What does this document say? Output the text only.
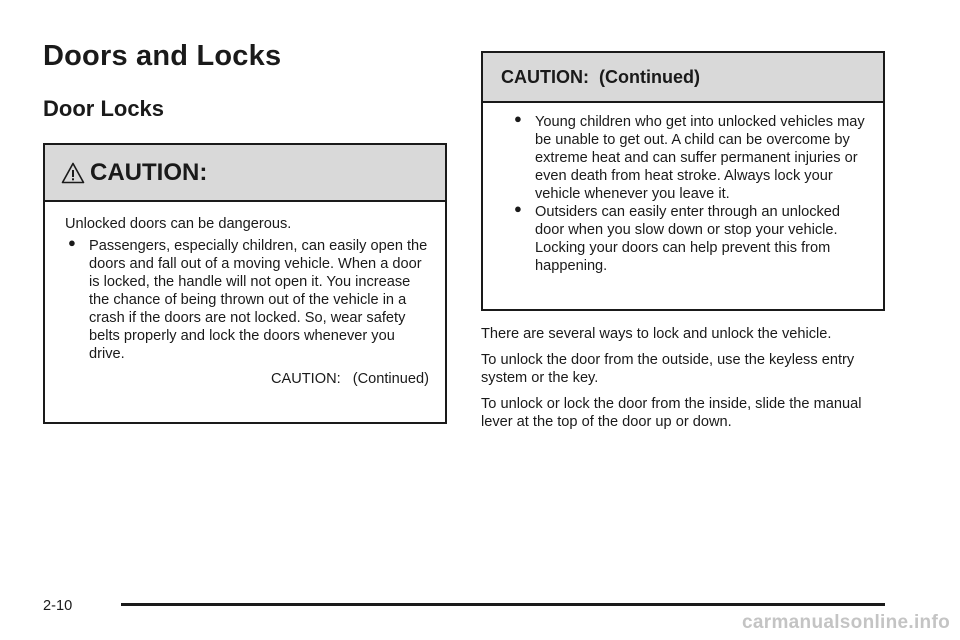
Doors and Locks
Door Locks
CAUTION:

Unlocked doors can be dangerous.

● Passengers, especially children, can easily open the doors and fall out of a moving vehicle. When a door is locked, the handle will not open it. You increase the chance of being thrown out of the vehicle in a crash if the doors are not locked. So, wear safety belts properly and lock the doors whenever you drive.
CAUTION: (Continued)
CAUTION:  (Continued)
● Young children who get into unlocked vehicles may be unable to get out. A child can be overcome by extreme heat and can suffer permanent injuries or even death from heat stroke. Always lock your vehicle whenever you leave it.
● Outsiders can easily enter through an unlocked door when you slow down or stop your vehicle. Locking your doors can help prevent this from happening.

There are several ways to lock and unlock the vehicle.

To unlock the door from the outside, use the keyless entry system or the key.

To unlock or lock the door from the inside, slide the manual lever at the top of the door up or down.

2-10
carmanualsonline.info
